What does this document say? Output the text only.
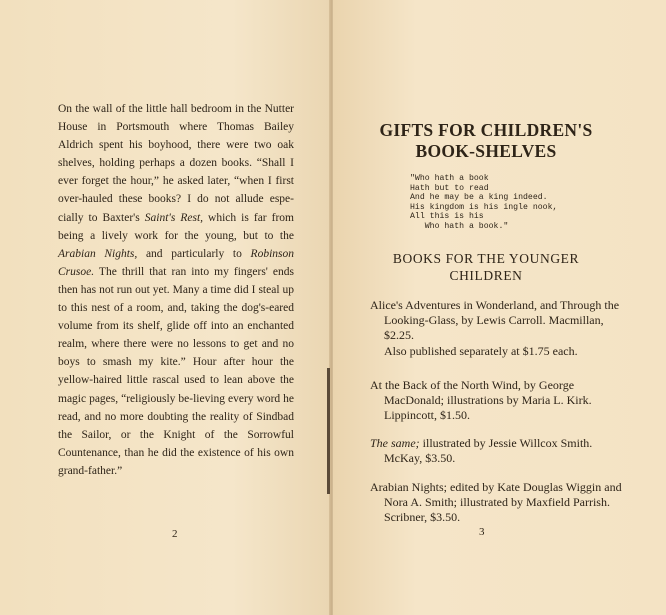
On the wall of the little hall bedroom in the Nutter House in Portsmouth where Thomas Bailey Aldrich spent his boyhood, there were two oak shelves, holding perhaps a dozen books. “Shall I ever forget the hour,” he asked later, “when I first over-hauled these books? I do not allude espe-cially to Baxter's Saint's Rest, which is far from being a lively work for the young, but to the Arabian Nights, and particularly to Robinson Crusoe. The thrill that ran into my fingers' ends then has not run out yet. Many a time did I steal up to this nest of a room, and, taking the dog's-eared volume from its shelf, glide off into an enchanted realm, where there were no lessons to get and no boys to smash my kite.” Hour after hour the yellow-haired little rascal used to lean above the magic pages, “religiously be-lieving every word he read, and no more doubting the reality of Sindbad the Sailor, or the Knight of the Sorrowful Countenance, than he did the existence of his own grand-father.”
2
GIFTS FOR CHILDREN'S
BOOK-SHELVES
"Who hath a book
Hath but to read
And he may be a king indeed.
His kingdom is his ingle nook,
All this is his
Who hath a book."
BOOKS FOR THE YOUNGER
CHILDREN
Alice's Adventures in Wonderland, and Through the Looking-Glass, by Lewis Carroll. Macmillan, $2.25.
Also published separately at $1.75 each.
At the Back of the North Wind, by George MacDonald; illustrations by Maria L. Kirk. Lippincott, $1.50.
The same; illustrated by Jessie Willcox Smith. McKay, $3.50.
Arabian Nights; edited by Kate Douglas Wiggin and Nora A. Smith; illustrated by Maxfield Parrish. Scribner, $3.50.
3
